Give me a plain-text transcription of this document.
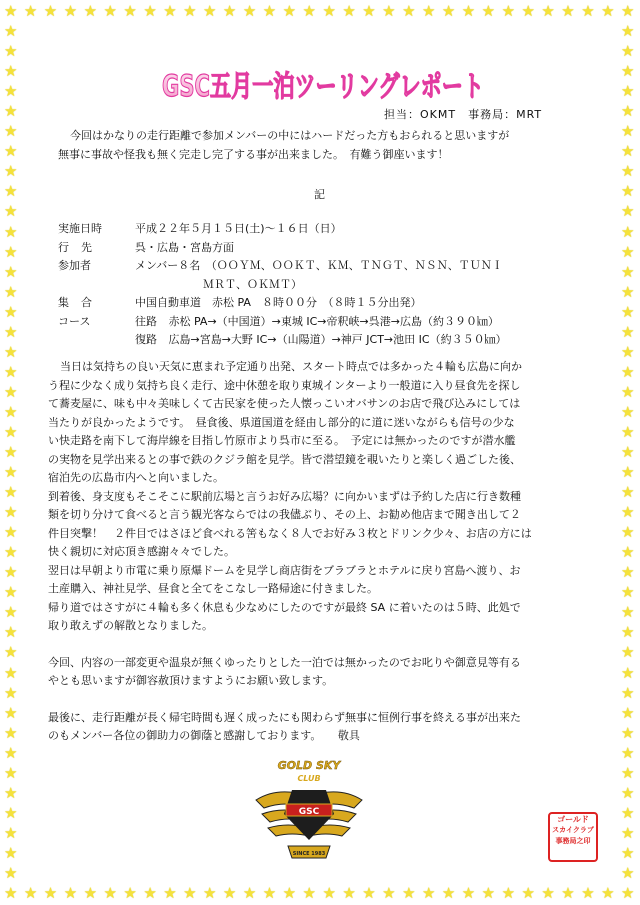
★
★
★
★
★
★
★
★
★
★
★
★
★
★
★
★
★
★
★
★
★
★
★
★
★
★
★
★
★
★
★
★
★
★
★
★
★
★
★
★
★
★
★
★
★
★
★
★
★
★
★
★
★
★
★
★
★
★
★
★
★
★
★
★
★	★
★	★
★	★
★	★
★	★
★	★
★	★
★	★
★	★
★	★
★	★
★	★
★	★
★	★
★	★
★	★
★	★
★	★
★	★
★	★
★	★
★	★
★	★
★	★
★	★
★	★
★	★
★	★
★	★
★	★
★	★
★	★
★	★
★	★
★	★
★	★
★	★
★	★
★	★
★	★
★	★
★	★
★	★
GSC五月一泊ツーリングレポート
担当：OKMT　事務局：MRT
今回はかなりの走行距離で参加メンバーの中にはハードだった方もおられると思いますが
無事に事故や怪我も無く完走し完了する事が出来ました。　有難う御座います！
記
実施日時	平成２２年５月１５日(土)～１６日（日）
行先	呉・広島・宮島方面
参加者	メンバー８名　（ＯＯＹＭ、ＯＯＫＴ、ＫＭ、ＴＮＧＴ、ＮＳＮ、ＴＵＮＩ
ＭＲＴ、ＯＫＭＴ）
集合	中国自動車道　赤松 PA　８時００分　（８時１５分出発）
コース	往路 赤松 PA→（中国道）→東城 IC→帝釈峡→呉港→広島（約３９０㎞）
復路 広島→宮島→大野 IC→（山陽道）→神戸 JCT→池田 IC（約３５０㎞）

当日は気持ちの良い天気に恵まれ予定通り出発、スタート時点では多かった４輪も広島に向か

う程に少なく成り気持ち良く走行、途中休憩を取り東城インターより一般道に入り昼食先を探し

て蕎麦屋に、味も中々美味しくて古民家を使った人懐っこいオバサンのお店で飛び込みにしては

当たりが良かったようです。　昼食後、県道国道を経由し部分的に道に迷いながらも信号の少な

い快走路を南下して海岸線を目指し竹原市より呉市に至る。　予定には無かったのですが潜水艦

の実物を見学出来るとの事で鉄のクジラ館を見学。皆で潜望鏡を覗いたりと楽しく過ごした後、

宿泊先の広島市内へと向いました。

到着後、身支度もそこそこに駅前広場と言うお好み広場？に向かいまずは予約した店に行き数種

類を切り分けて食べると言う観光客ならではの我儘ぶり、その上、お勧め他店まで聞き出して２

件目突撃！　２件目ではさほど食べれる筈もなく８人でお好み３枚とドリンク少々、お店の方には

快く親切に対応頂き感謝々々でした。

翌日は早朝より市電に乗り原爆ドームを見学し商店街をブラブラとホテルに戻り宮島へ渡り、お

土産購入、神社見学、昼食と全てをこなし一路帰途に付きました。

帰り道ではさすがに４輪も多く休息も少なめにしたのですが最終 SA に着いたのは５時、此処で

取り敢えずの解散となりました。

今回、内容の一部変更や温泉が無くゆったりとした一泊では無かったのでお叱りや御意見等有る

やとも思いますが御容赦頂けますようにお願い致します。

最後に、走行距離が長く帰宅時間も遅く成ったにも関わらず無事に恒例行事を終える事が出来た

のもメンバー各位の御助力の御蔭と感謝しております。　　敬具

GOLD SKY
CLUB
GSC
SINCE 1983
ゴールド
スカイクラブ
事務局之印
